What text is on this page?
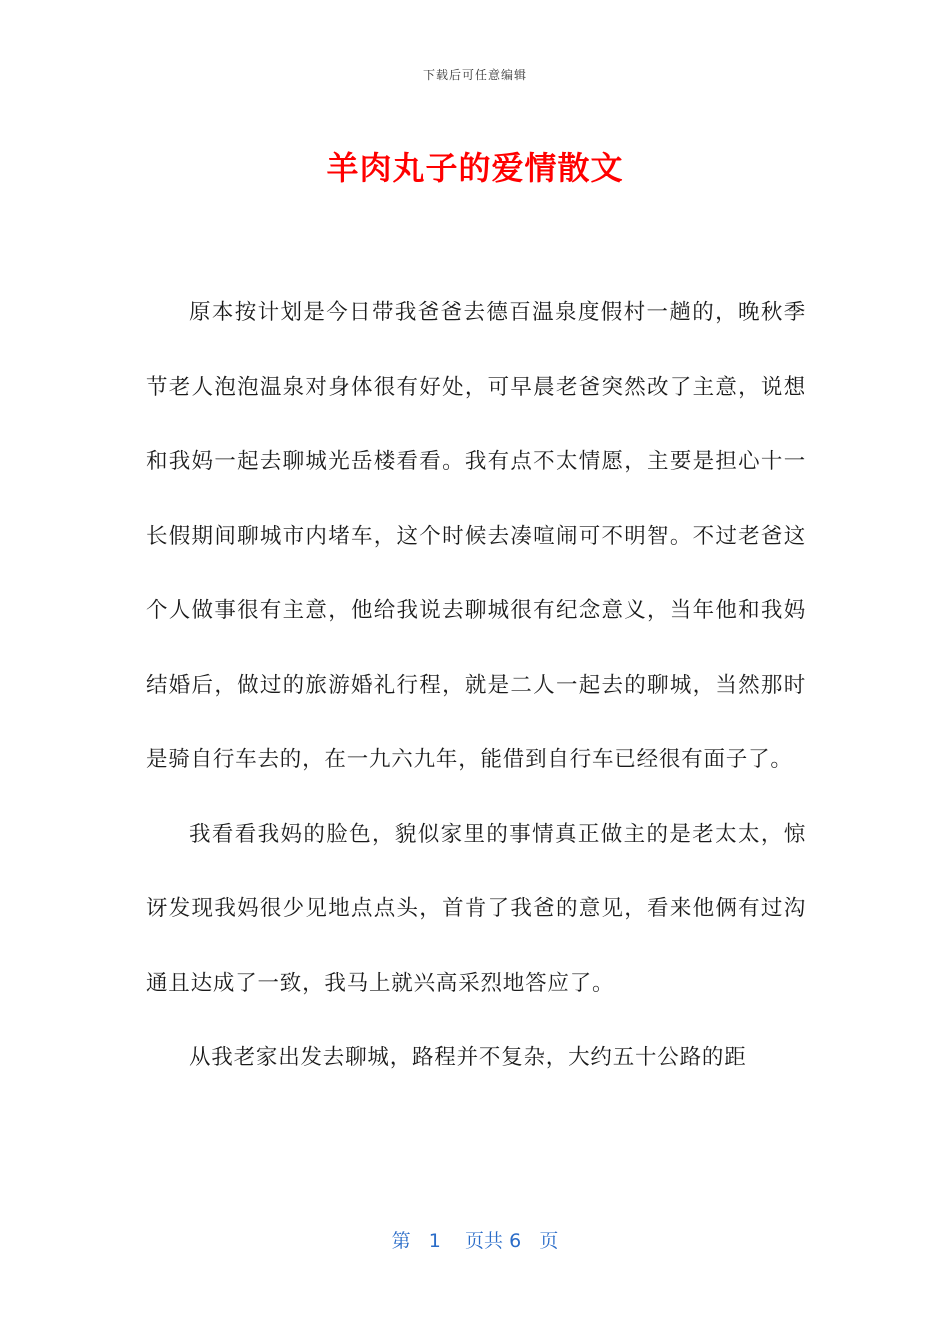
下载后可任意编辑
羊肉丸子的爱情散文

原本按计划是今日带我爸爸去德百温泉度假村一趟的，晚秋季节老人泡泡温泉对身体很有好处，可早晨老爸突然改了主意，说想和我妈一起去聊城光岳楼看看。我有点不太情愿，主要是担心十一长假期间聊城市内堵车，这个时候去凑喧闹可不明智。不过老爸这个人做事很有主意，他给我说去聊城很有纪念意义，当年他和我妈结婚后，做过的旅游婚礼行程，就是二人一起去的聊城，当然那时是骑自行车去的，在一九六九年，能借到自行车已经很有面子了。

我看看我妈的脸色，貌似家里的事情真正做主的是老太太，惊讶发现我妈很少见地点点头，首肯了我爸的意见，看来他俩有过沟通且达成了一致，我马上就兴高采烈地答应了。

从我老家出发去聊城，路程并不复杂，大约五十公路的距

第 1 页共 6 页
